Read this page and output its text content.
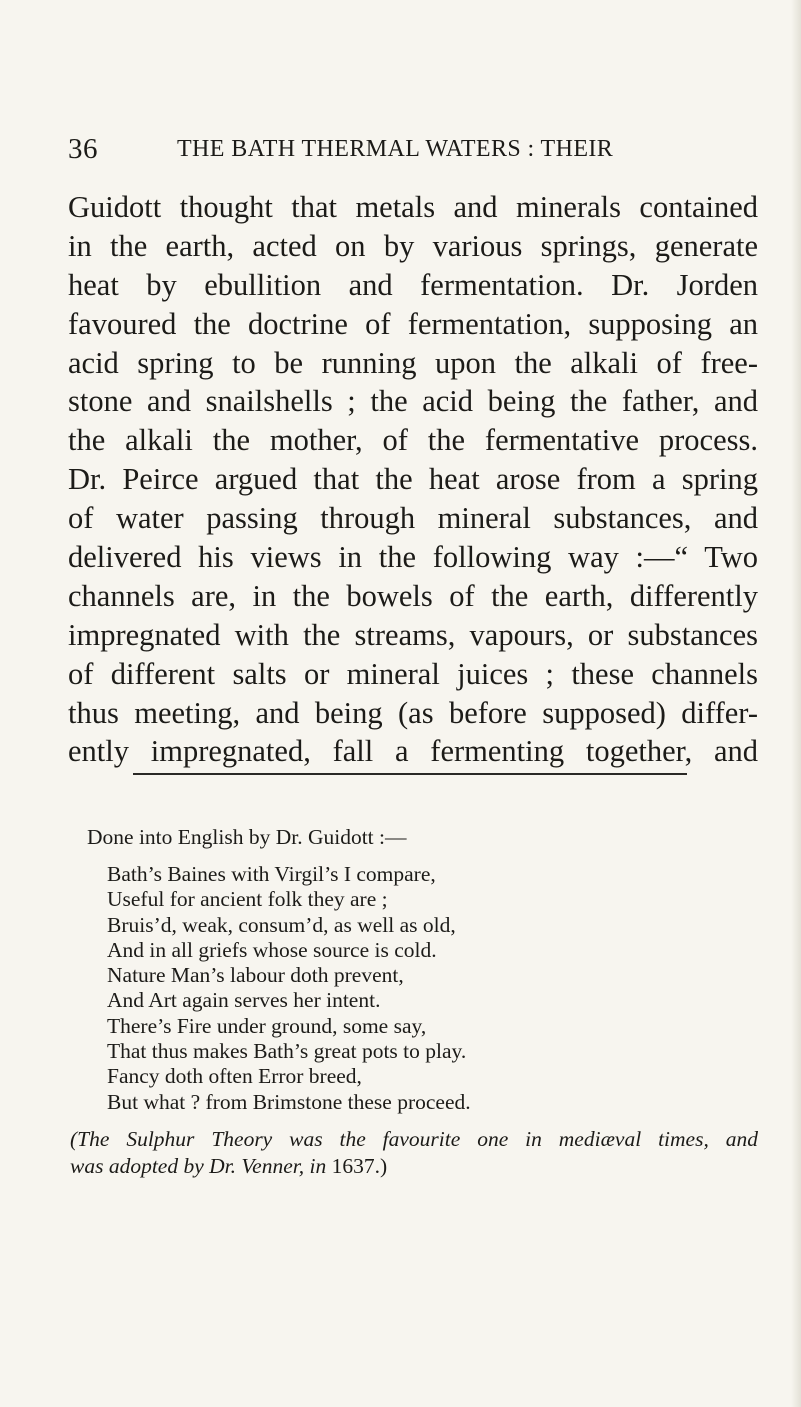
36	THE BATH THERMAL WATERS : THEIR
Guidott thought that metals and minerals contained
in the earth, acted on by various springs, generate
heat by ebullition and fermentation. Dr. Jorden
favoured the doctrine of fermentation, supposing an
acid spring to be running upon the alkali of free-
stone and snailshells ; the acid being the father, and
the alkali the mother, of the fermentative process.
Dr. Peirce argued that the heat arose from a spring
of water passing through mineral substances, and
delivered his views in the following way :—“ Two
channels are, in the bowels of the earth, differently
impregnated with the streams, vapours, or substances
of different salts or mineral juices ; these channels
thus meeting, and being (as before supposed) differ-
ently impregnated, fall a fermenting together, and
Done into English by Dr. Guidott :—
Bath’s Baines with Virgil’s I compare,
Useful for ancient folk they are ;
Bruis’d, weak, consum’d, as well as old,
And in all griefs whose source is cold.
Nature Man’s labour doth prevent,
And Art again serves her intent.
There’s Fire under ground, some say,
That thus makes Bath’s great pots to play.
Fancy doth often Error breed,
But what ? from Brimstone these proceed.
(The Sulphur Theory was the favourite one in mediæval times, and
was adopted by Dr. Venner, in 1637.)
